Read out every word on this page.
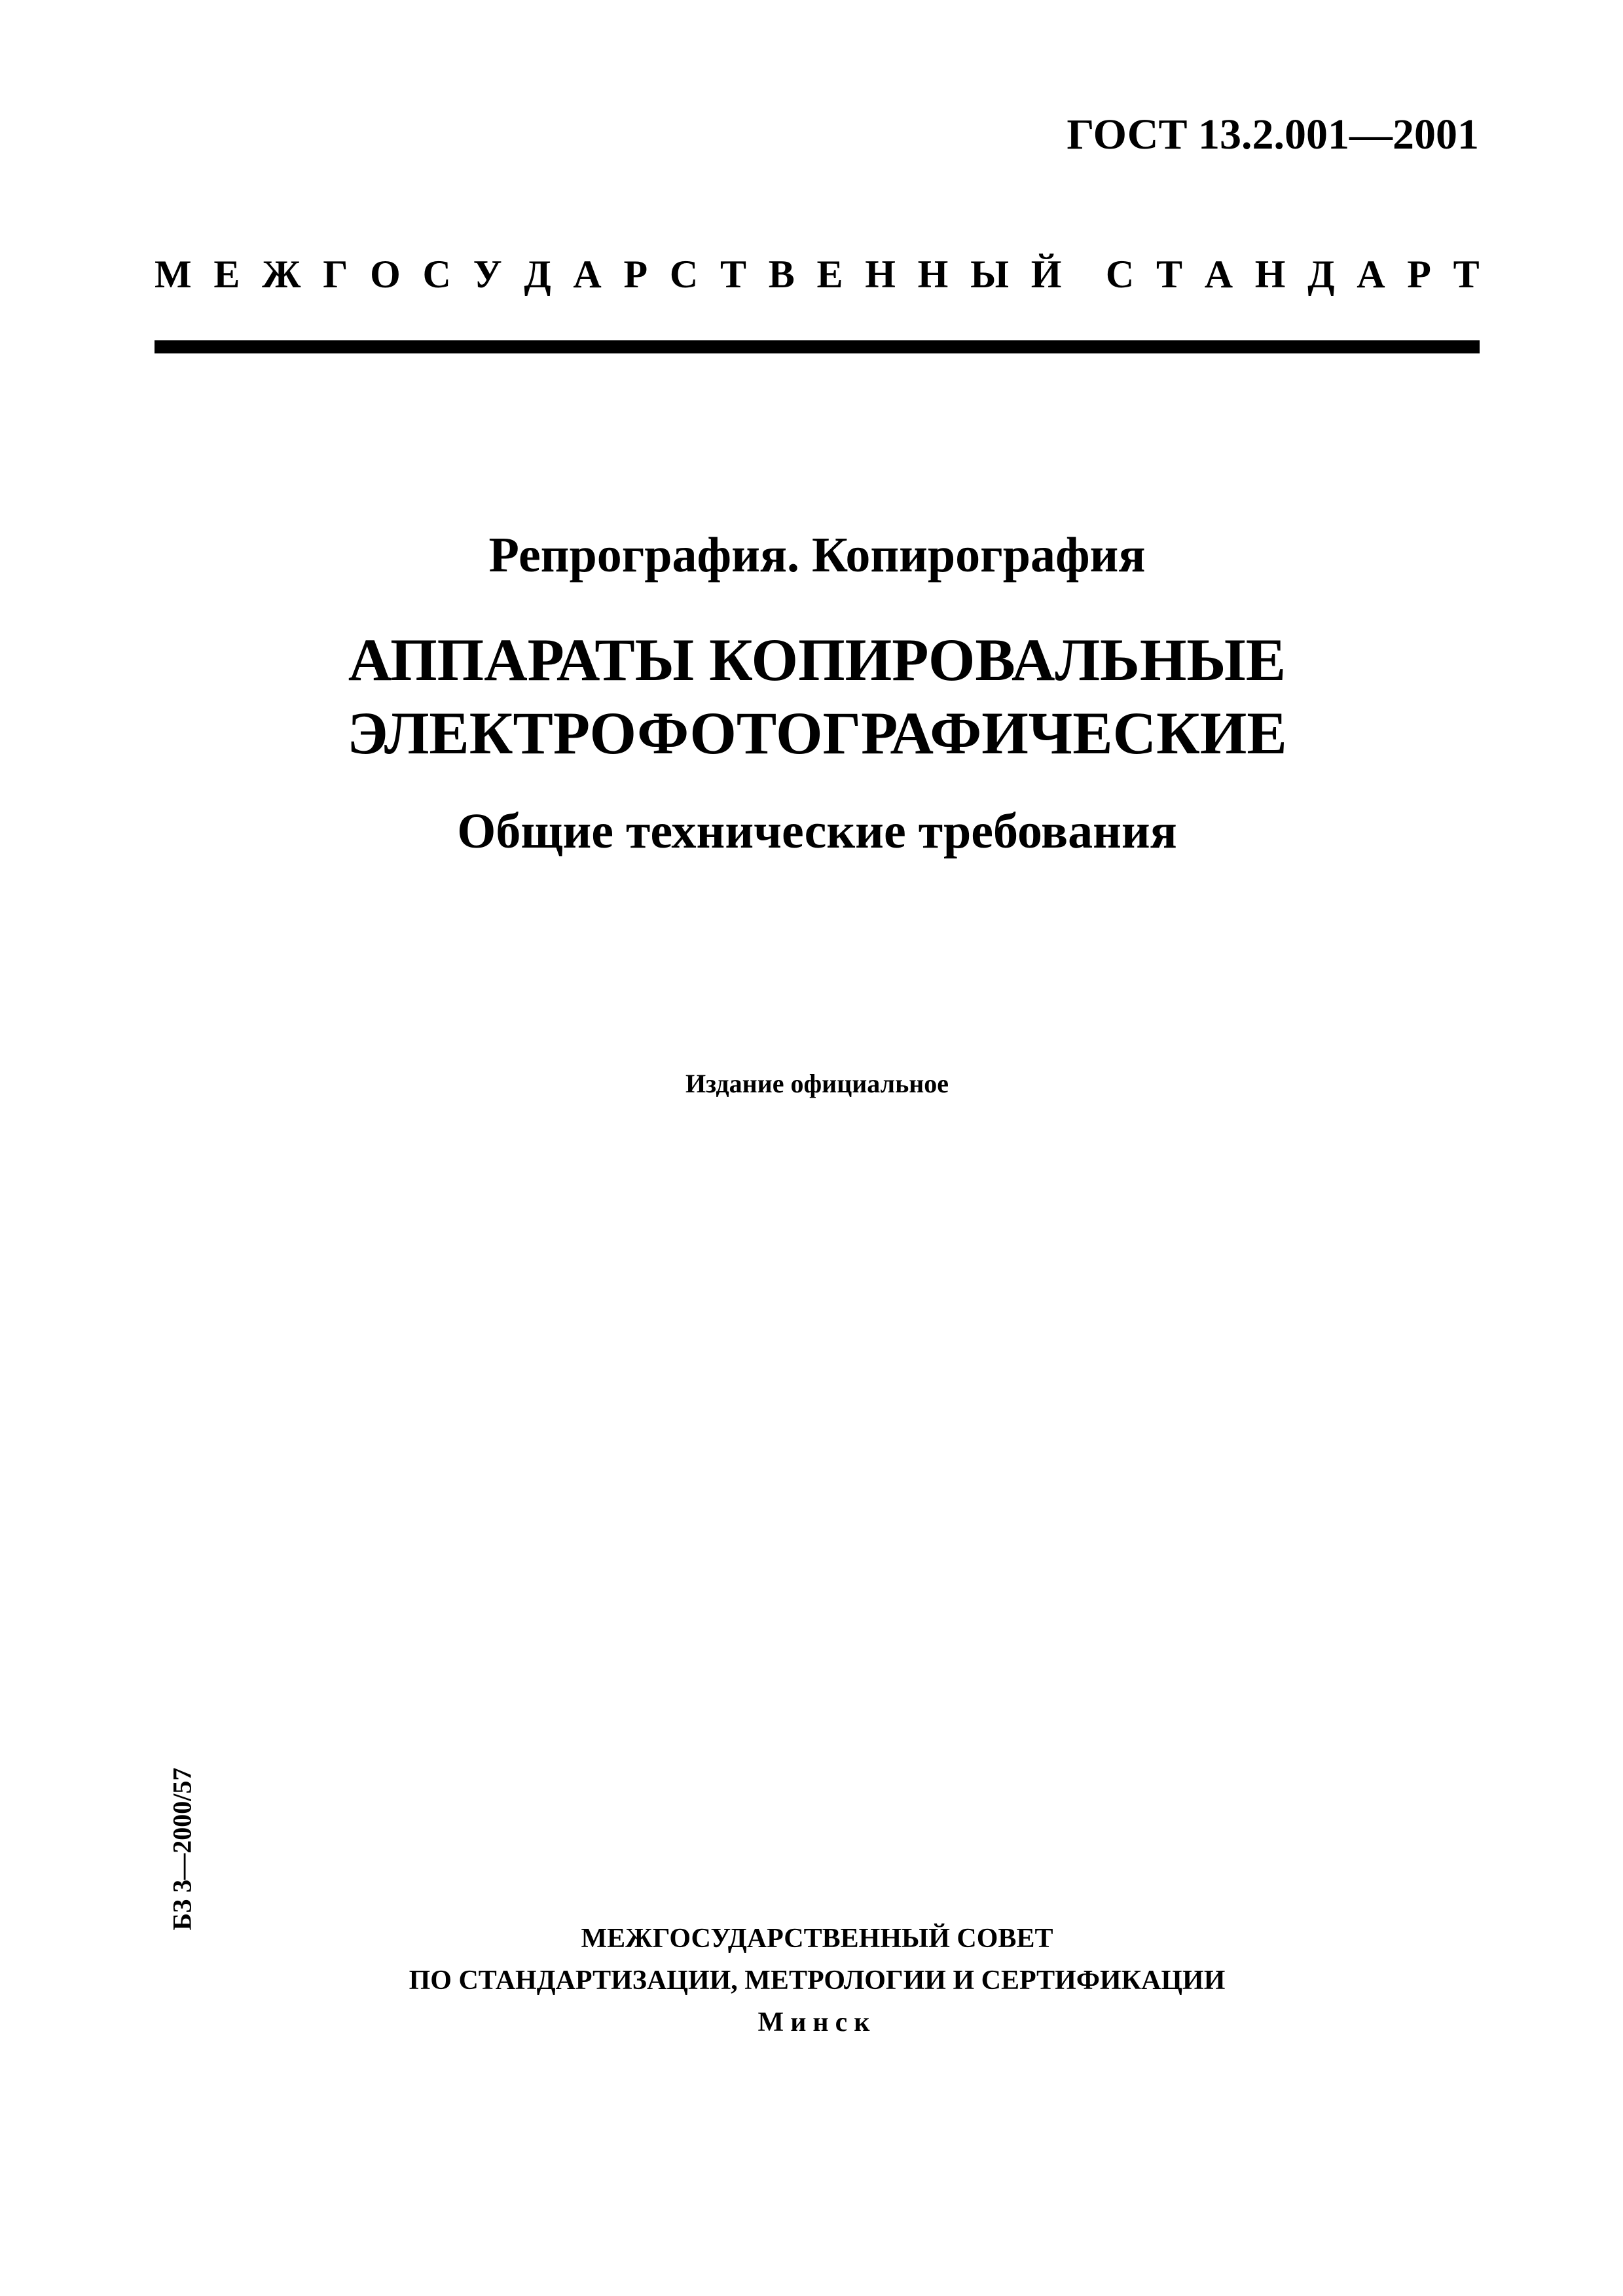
ГОСТ 13.2.001—2001
М Е Ж Г О С У Д А Р С Т В Е Н Н Ы Й С Т А Н Д А Р Т

Репрография. Копирография

АППАРАТЫ КОПИРОВАЛЬНЫЕ
ЭЛЕКТРОФОТОГРАФИЧЕСКИЕ

Общие технические требования

Издание официальное
БЗ 3—2000/57
МЕЖГОСУДАРСТВЕННЫЙ СОВЕТ
ПО СТАНДАРТИЗАЦИИ, МЕТРОЛОГИИ И СЕРТИФИКАЦИИ
Минск
